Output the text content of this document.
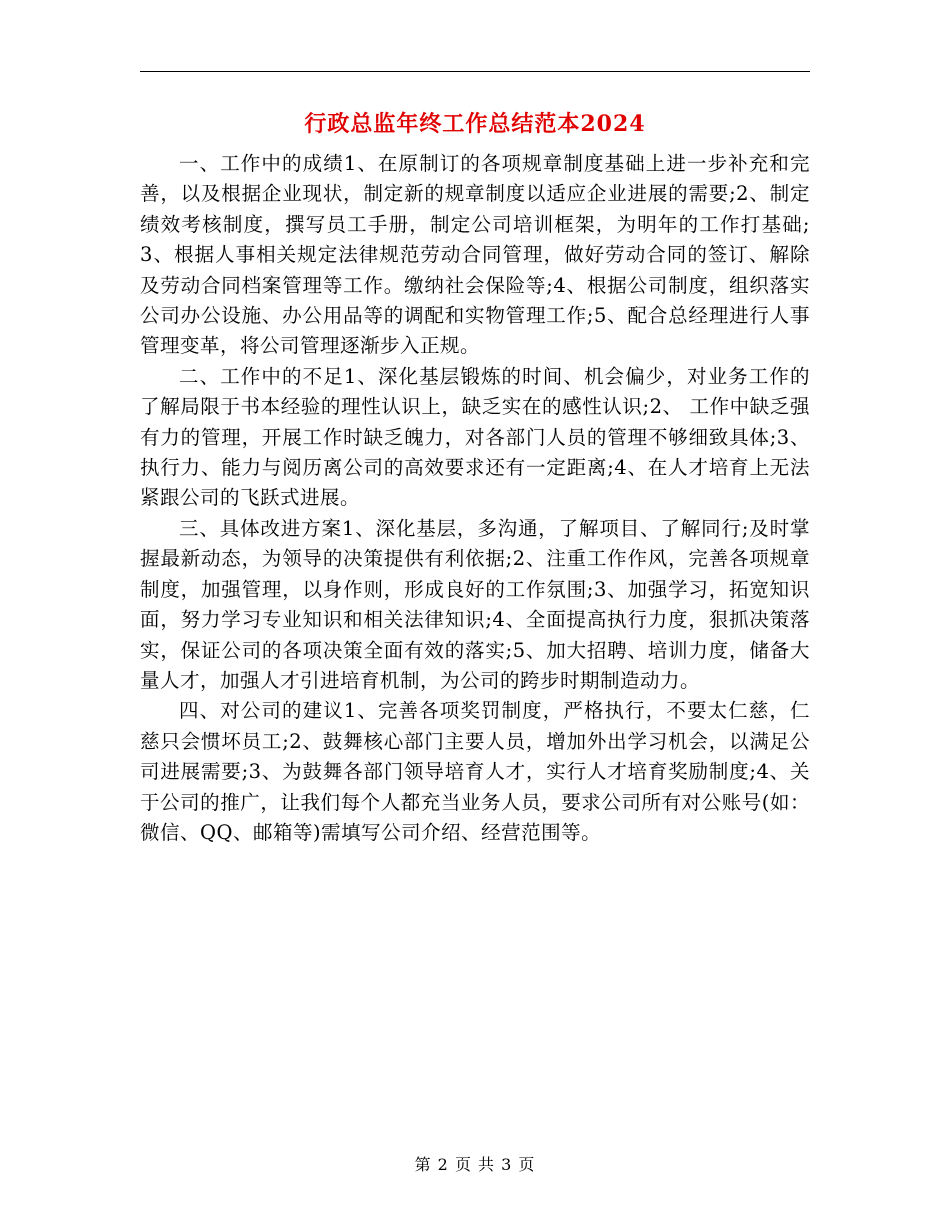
行政总监年终工作总结范本2024

一、工作中的成绩1、在原制订的各项规章制度基础上进一步补充和完善，以及根据企业现状，制定新的规章制度以适应企业进展的需要;2、制定绩效考核制度，撰写员工手册，制定公司培训框架，为明年的工作打基础;3、根据人事相关规定法律规范劳动合同管理，做好劳动合同的签订、解除及劳动合同档案管理等工作。缴纳社会保险等;4、根据公司制度，组织落实公司办公设施、办公用品等的调配和实物管理工作;5、配合总经理进行人事管理变革，将公司管理逐渐步入正规。

二、工作中的不足1、深化基层锻炼的时间、机会偏少，对业务工作的了解局限于书本经验的理性认识上，缺乏实在的感性认识;2、 工作中缺乏强有力的管理，开展工作时缺乏魄力，对各部门人员的管理不够细致具体;3、执行力、能力与阅历离公司的高效要求还有一定距离;4、在人才培育上无法紧跟公司的飞跃式进展。

三、具体改进方案1、深化基层，多沟通，了解项目、了解同行;及时掌握最新动态，为领导的决策提供有利依据;2、注重工作作风，完善各项规章制度，加强管理，以身作则，形成良好的工作氛围;3、加强学习，拓宽知识面，努力学习专业知识和相关法律知识;4、全面提高执行力度，狠抓决策落实，保证公司的各项决策全面有效的落实;5、加大招聘、培训力度，储备大量人才，加强人才引进培育机制，为公司的跨步时期制造动力。

四、对公司的建议1、完善各项奖罚制度，严格执行，不要太仁慈，仁慈只会惯坏员工;2、鼓舞核心部门主要人员，增加外出学习机会，以满足公司进展需要;3、为鼓舞各部门领导培育人才，实行人才培育奖励制度;4、关于公司的推广，让我们每个人都充当业务人员，要求公司所有对公账号(如：微信、QQ、邮箱等)需填写公司介绍、经营范围等。

第 2 页 共 3 页
